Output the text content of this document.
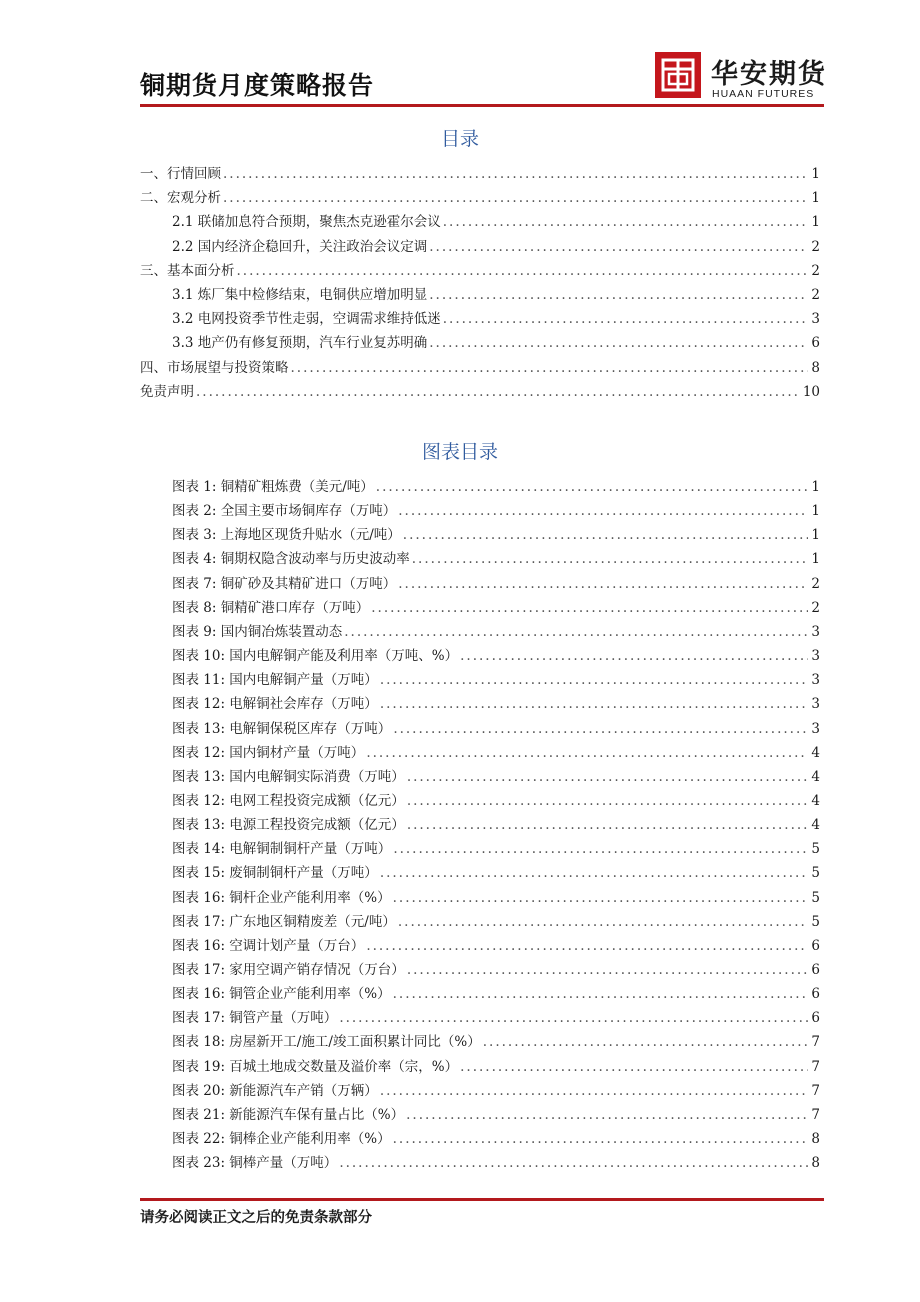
铜期货月度策略报告	华安期货
HUAAN FUTURES
目录
一、行情回顾 .....	1
二、宏观分析 .....	1
2.1 联储加息符合预期，聚焦杰克逊霍尔会议 .....	1
2.2 国内经济企稳回升，关注政治会议定调 .....	2
三、基本面分析 .....	2
3.1 炼厂集中检修结束，电铜供应增加明显 .....	2
3.2 电网投资季节性走弱，空调需求维持低迷 .....	3
3.3 地产仍有修复预期，汽车行业复苏明确 .....	6
四、市场展望与投资策略 .....	8
免责声明 .....	10
图表目录
图表 1: 铜精矿粗炼费（美元/吨） .....	1
图表 2: 全国主要市场铜库存（万吨） .....	1
图表 3: 上海地区现货升贴水（元/吨） .....	1
图表 4: 铜期权隐含波动率与历史波动率 .....	1
图表 7: 铜矿砂及其精矿进口（万吨） .....	2
图表 8: 铜精矿港口库存（万吨） .....	2
图表 9: 国内铜冶炼装置动态 .....	3
图表 10: 国内电解铜产能及利用率（万吨、%） .....	3
图表 11: 国内电解铜产量（万吨） .....	3
图表 12: 电解铜社会库存（万吨） .....	3
图表 13: 电解铜保税区库存（万吨） .....	3
图表 12: 国内铜材产量（万吨） .....	4
图表 13: 国内电解铜实际消费（万吨） .....	4
图表 12: 电网工程投资完成额（亿元） .....	4
图表 13: 电源工程投资完成额（亿元） .....	4
图表 14: 电解铜制铜杆产量（万吨） .....	5
图表 15: 废铜制铜杆产量（万吨） .....	5
图表 16: 铜杆企业产能利用率（%） .....	5
图表 17: 广东地区铜精废差（元/吨） .....	5
图表 16: 空调计划产量（万台） .....	6
图表 17: 家用空调产销存情况（万台） .....	6
图表 16: 铜管企业产能利用率（%） .....	6
图表 17: 铜管产量（万吨） .....	6
图表 18: 房屋新开工/施工/竣工面积累计同比（%） .....	7
图表 19: 百城土地成交数量及溢价率（宗，%） .....	7
图表 20: 新能源汽车产销（万辆） .....	7
图表 21: 新能源汽车保有量占比（%） .....	7
图表 22: 铜棒企业产能利用率（%） .....	8
图表 23: 铜棒产量（万吨） .....	8
请务必阅读正文之后的免责条款部分
